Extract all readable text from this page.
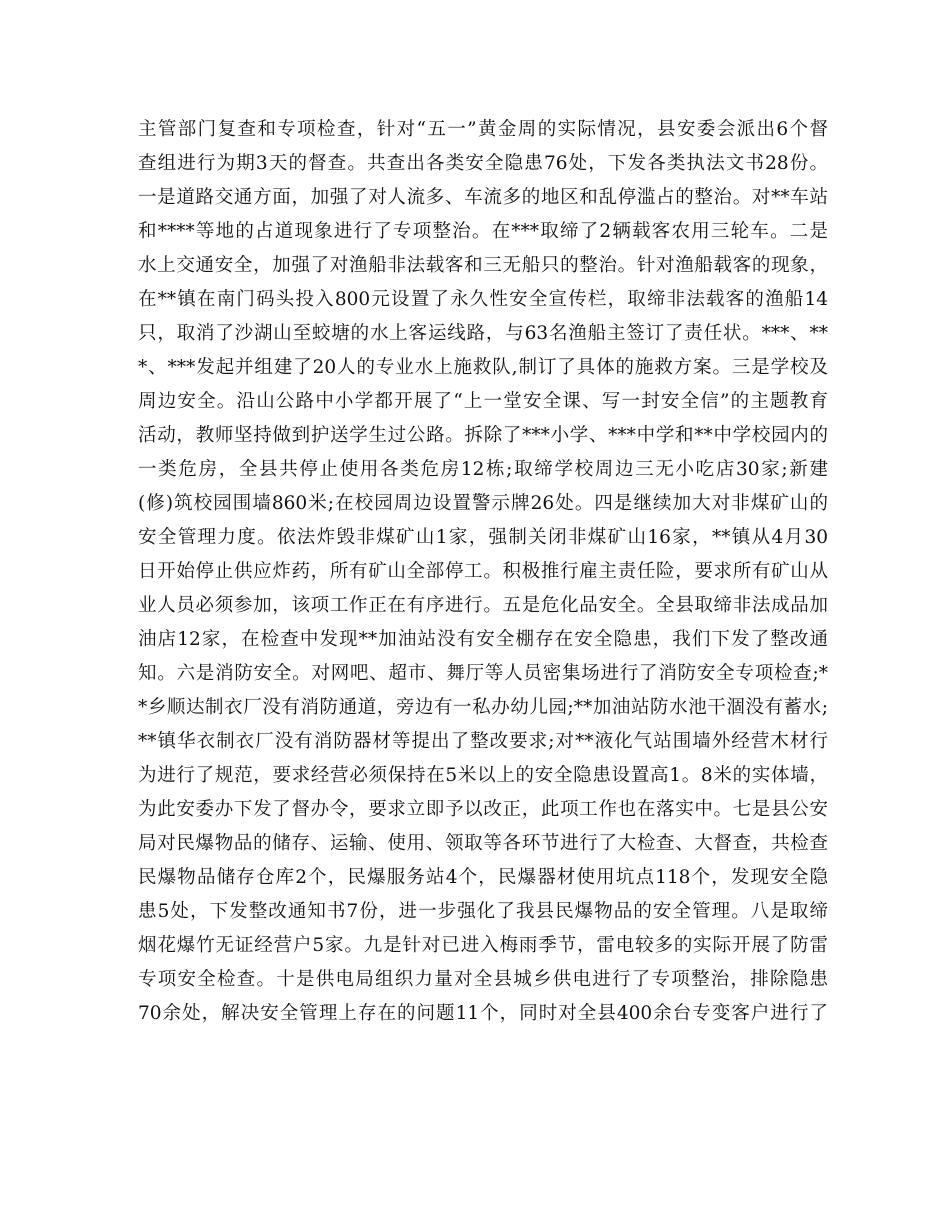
主管部门复查和专项检查，针对“五一”黄金周的实际情况，县安委会派出6个督
查组进行为期3天的督查。共查出各类安全隐患76处，下发各类执法文书28份。
一是道路交通方面，加强了对人流多、车流多的地区和乱停滥占的整治。对**车站
和****等地的占道现象进行了专项整治。在***取缔了2辆载客农用三轮车。二是
水上交通安全，加强了对渔船非法载客和三无船只的整治。针对渔船载客的现象，
在**镇在南门码头投入800元设置了永久性安全宣传栏，取缔非法载客的渔船14
只，取消了沙湖山至蛟塘的水上客运线路，与63名渔船主签订了责任状。***、**
*、***发起并组建了20人的专业水上施救队,制订了具体的施救方案。三是学校及
周边安全。沿山公路中小学都开展了“上一堂安全课、写一封安全信”的主题教育
活动，教师坚持做到护送学生过公路。拆除了***小学、***中学和**中学校园内的
一类危房，全县共停止使用各类危房12栋;取缔学校周边三无小吃店30家;新建
(修)筑校园围墙860米;在校园周边设置警示牌26处。四是继续加大对非煤矿山的
安全管理力度。依法炸毁非煤矿山1家，强制关闭非煤矿山16家，**镇从4月30
日开始停止供应炸药，所有矿山全部停工。积极推行雇主责任险，要求所有矿山从
业人员必须参加，该项工作正在有序进行。五是危化品安全。全县取缔非法成品加
油店12家，在检查中发现**加油站没有安全棚存在安全隐患，我们下发了整改通
知。六是消防安全。对网吧、超市、舞厅等人员密集场进行了消防安全专项检查;*
*乡顺达制衣厂没有消防通道，旁边有一私办幼儿园;**加油站防水池干涸没有蓄水;
**镇华衣制衣厂没有消防器材等提出了整改要求;对**液化气站围墙外经营木材行
为进行了规范，要求经营必须保持在5米以上的安全隐患设置高1。8米的实体墙，
为此安委办下发了督办令，要求立即予以改正，此项工作也在落实中。七是县公安
局对民爆物品的储存、运输、使用、领取等各环节进行了大检查、大督查，共检查
民爆物品储存仓库2个，民爆服务站4个，民爆器材使用坑点118个，发现安全隐
患5处，下发整改通知书7份，进一步强化了我县民爆物品的安全管理。八是取缔
烟花爆竹无证经营户5家。九是针对已进入梅雨季节，雷电较多的实际开展了防雷
专项安全检查。十是供电局组织力量对全县城乡供电进行了专项整治，排除隐患
70余处，解决安全管理上存在的问题11个，同时对全县400余台专变客户进行了
